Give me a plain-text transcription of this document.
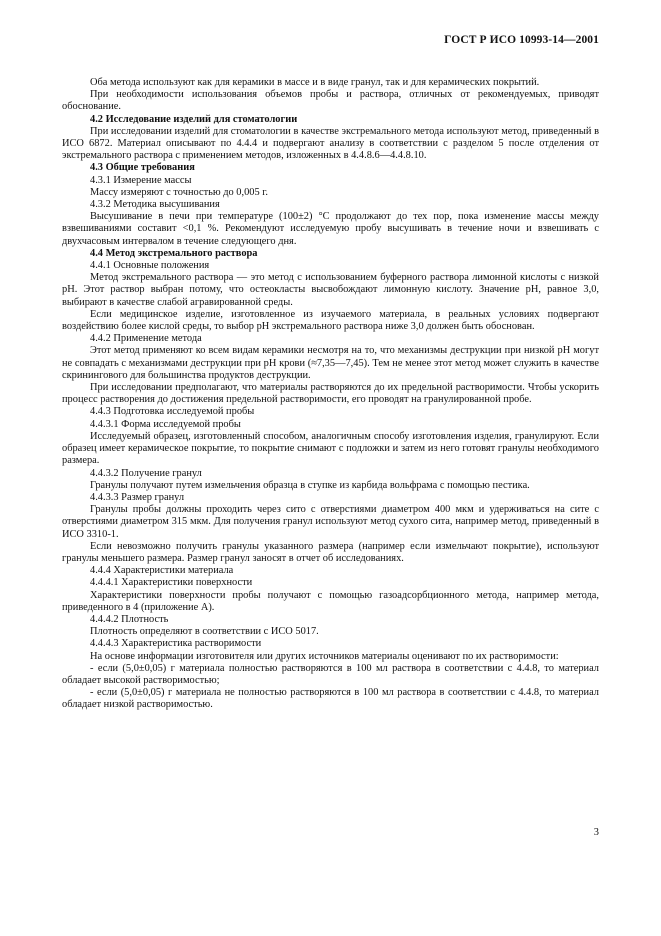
ГОСТ Р ИСО 10993-14—2001

Оба метода используют как для керамики в массе и в виде гранул, так и для керамических покрытий.

При необходимости использования объемов пробы и раствора, отличных от рекомендуемых, приводят обоснование.

4.2 Исследование изделий для стоматологии

При исследовании изделий для стоматологии в качестве экстремального метода используют метод, приведенный в ИСО 6872. Материал описывают по 4.4.4 и подвергают анализу в соответствии с разделом 5 после отделения от экстремального раствора с применением методов, изложенных в 4.4.8.6—4.4.8.10.

4.3 Общие требования

4.3.1 Измерение массы

Массу измеряют с точностью до 0,005 г.

4.3.2 Методика высушивания

Высушивание в печи при температуре (100±2) °С продолжают до тех пор, пока изменение массы между взвешиваниями составит <0,1 %. Рекомендуют исследуемую пробу высушивать в течение ночи и взвешивать с двухчасовым интервалом в течение следующего дня.

4.4 Метод экстремального раствора

4.4.1 Основные положения

Метод экстремального раствора — это метод с использованием буферного раствора лимонной кислоты с низкой рН. Этот раствор выбран потому, что остеокласты высвобождают лимонную кислоту. Значение рН, равное 3,0, выбирают в качестве слабой агравированной среды.

Если медицинское изделие, изготовленное из изучаемого материала, в реальных условиях подвергают воздействию более кислой среды, то выбор рН экстремального раствора ниже 3,0 должен быть обоснован.

4.4.2 Применение метода

Этот метод применяют ко всем видам керамики несмотря на то, что механизмы деструкции при низкой рН могут не совпадать с механизмами деструкции при рН крови (≈7,35—7,45). Тем не менее этот метод может служить в качестве скринингового для большинства продуктов деструкции.

При исследовании предполагают, что материалы растворяются до их предельной растворимости. Чтобы ускорить процесс растворения до достижения предельной растворимости, его проводят на гранулированной пробе.

4.4.3 Подготовка исследуемой пробы

4.4.3.1 Форма исследуемой пробы

Исследуемый образец, изготовленный способом, аналогичным способу изготовления изделия, гранулируют. Если образец имеет керамическое покрытие, то покрытие снимают с подложки и затем из него готовят гранулы необходимого размера.

4.4.3.2 Получение гранул

Гранулы получают путем измельчения образца в ступке из карбида вольфрама с помощью пестика.

4.4.3.3 Размер гранул

Гранулы пробы должны проходить через сито с отверстиями диаметром 400 мкм и удерживаться на сите с отверстиями диаметром 315 мкм. Для получения гранул используют метод сухого сита, например метод, приведенный в ИСО 3310-1.

Если невозможно получить гранулы указанного размера (например если измельчают покрытие), используют гранулы меньшего размера. Размер гранул заносят в отчет об исследованиях.

4.4.4 Характеристики материала

4.4.4.1 Характеристики поверхности

Характеристики поверхности пробы получают с помощью газоадсорбционного метода, например метода, приведенного в 4 (приложение А).

4.4.4.2 Плотность

Плотность определяют в соответствии с ИСО 5017.

4.4.4.3 Характеристика растворимости

На основе информации изготовителя или других источников материалы оценивают по их растворимости:

- если (5,0±0,05) г материала полностью растворяются в 100 мл раствора в соответствии с 4.4.8, то материал обладает высокой растворимостью;

- если (5,0±0,05) г материала не полностью растворяются в 100 мл раствора в соответствии с 4.4.8, то материал обладает низкой растворимостью.

3
